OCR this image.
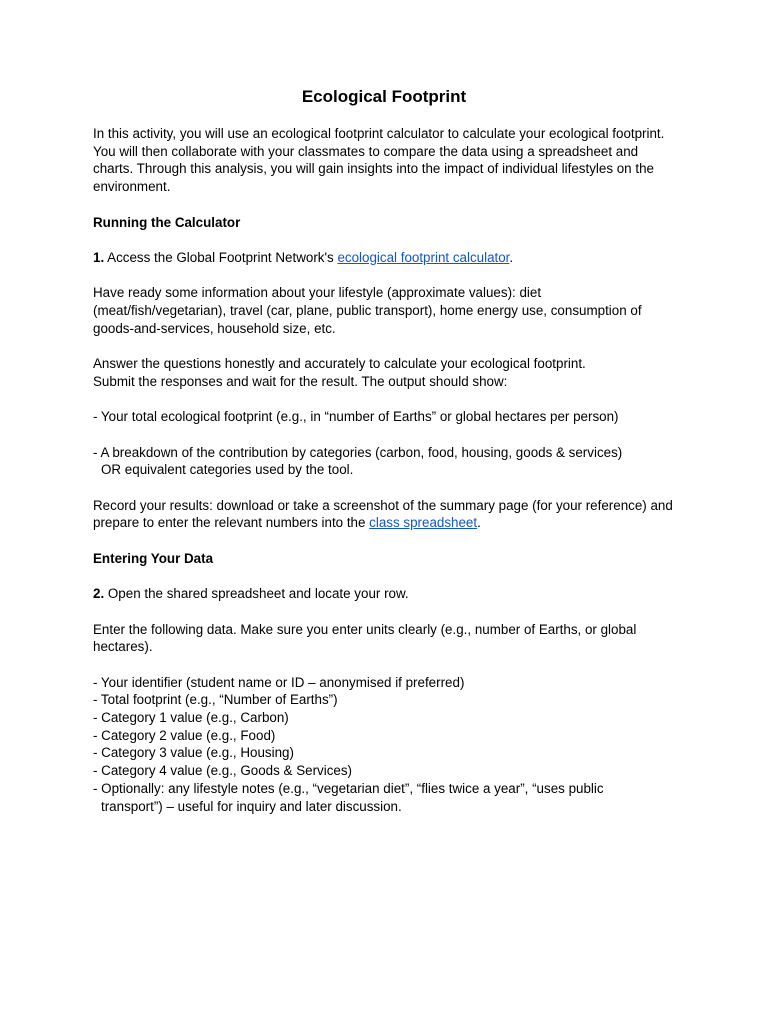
Ecological Footprint

In this activity, you will use an ecological footprint calculator to calculate your ecological footprint. You will then collaborate with your classmates to compare the data using a spreadsheet and charts. Through this analysis, you will gain insights into the impact of individual lifestyles on the environment.

Running the Calculator

1. Access the Global Footprint Network's ecological footprint calculator.

Have ready some information about your lifestyle (approximate values): diet (meat/fish/vegetarian), travel (car, plane, public transport), home energy use, consumption of goods-and-services, household size, etc.

Answer the questions honestly and accurately to calculate your ecological footprint.
Submit the responses and wait for the result. The output should show:

- Your total ecological footprint (e.g., in “number of Earths” or global hectares per person)

- A breakdown of the contribution by categories (carbon, food, housing, goods & services)
OR equivalent categories used by the tool.

Record your results: download or take a screenshot of the summary page (for your reference) and prepare to enter the relevant numbers into the class spreadsheet.

Entering Your Data

2. Open the shared spreadsheet and locate your row.

Enter the following data. Make sure you enter units clearly (e.g., number of Earths, or global hectares).

- Your identifier (student name or ID – anonymised if preferred)
- Total footprint (e.g., “Number of Earths”)
- Category 1 value (e.g., Carbon)
- Category 2 value (e.g., Food)
- Category 3 value (e.g., Housing)
- Category 4 value (e.g., Goods & Services)
- Optionally: any lifestyle notes (e.g., “vegetarian diet”, “flies twice a year”, “uses public
transport”) – useful for inquiry and later discussion.
